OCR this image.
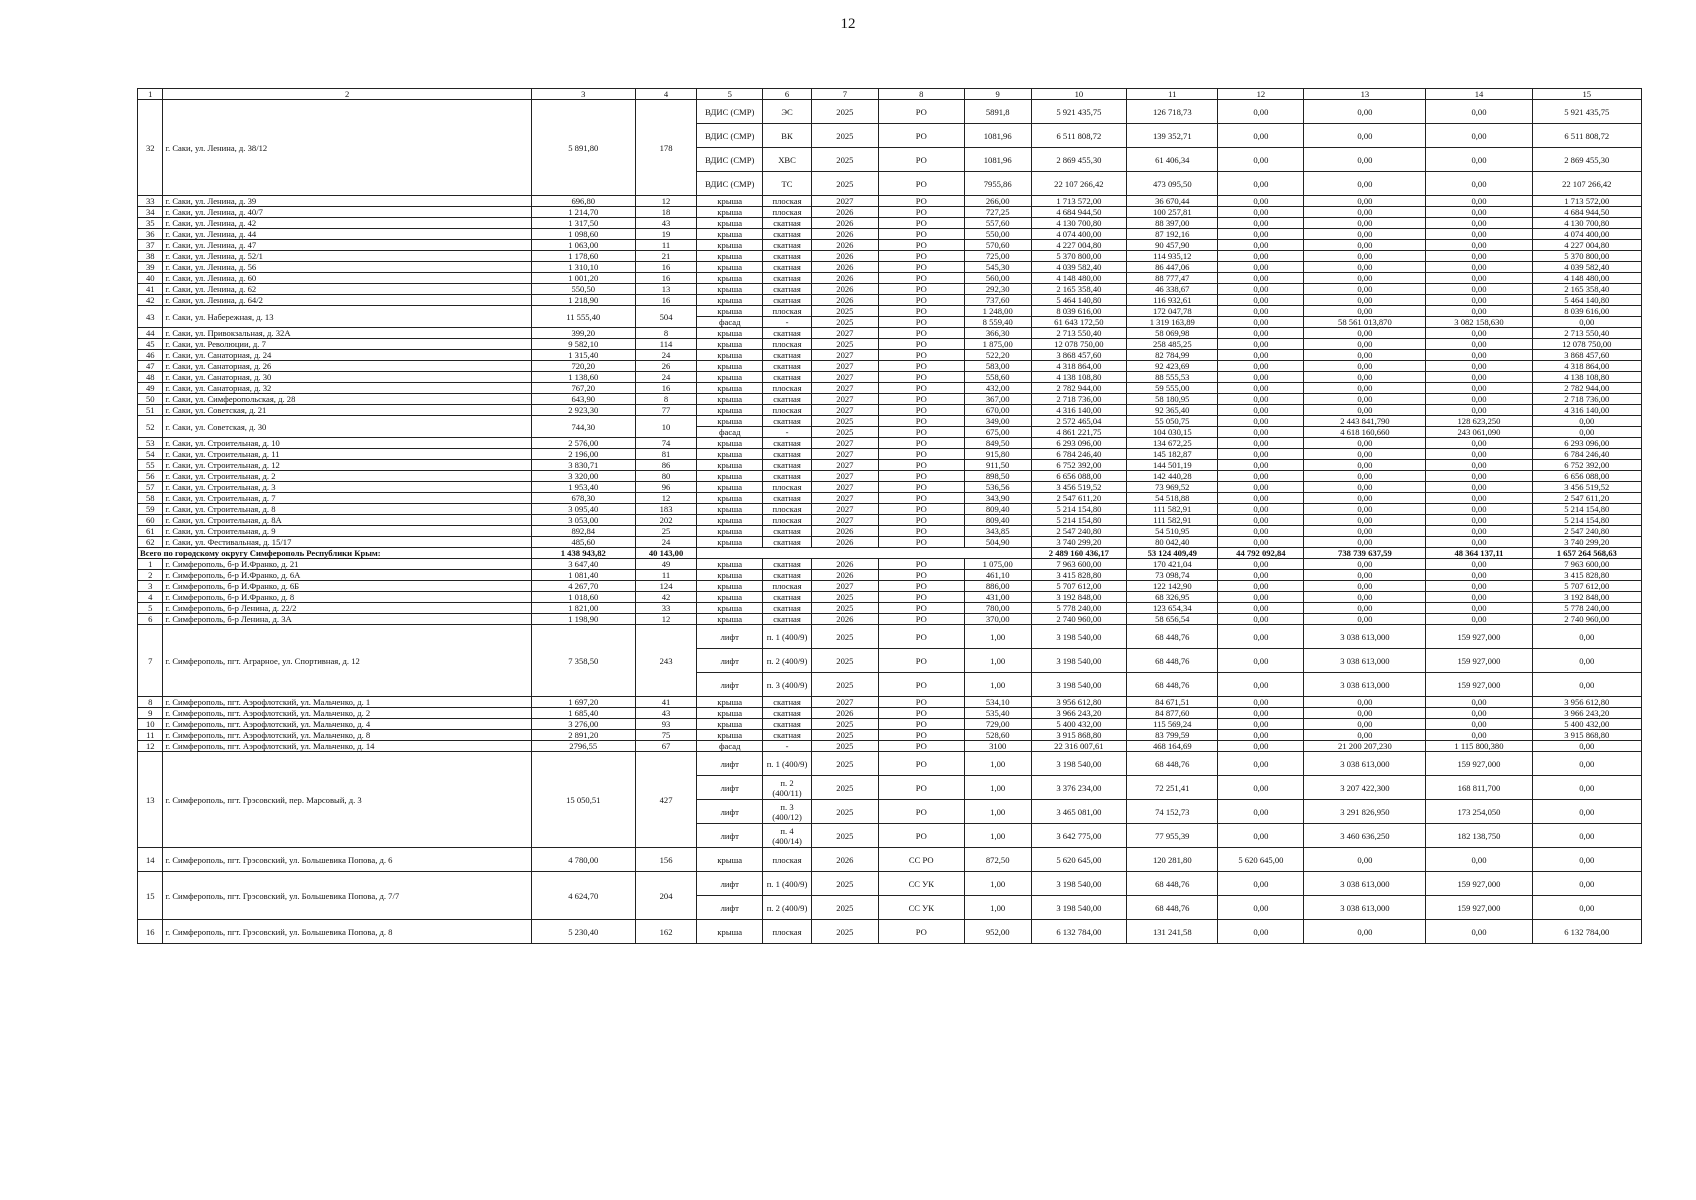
12
1	2	3	4	5	6	7	8	9	10	11	12	13	14	15
32	г. Саки, ул. Ленина, д. 38/12	5 891,80	178	ВДИС (СМР)	ЭС	2025	РО	5891,8	5 921 435,75	126 718,73	0,00	0,00	0,00	5 921 435,75
				ВДИС (СМР)	ВК	2025	РО	1081,96	6 511 808,72	139 352,71	0,00	0,00	0,00	6 511 808,72
				ВДИС (СМР)	ХВС	2025	РО	1081,96	2 869 455,30	61 406,34	0,00	0,00	0,00	2 869 455,30
				ВДИС (СМР)	ТС	2025	РО	7955,86	22 107 266,42	473 095,50	0,00	0,00	0,00	22 107 266,42
33	г. Саки, ул. Ленина, д. 39	696,80	12	крыша	плоская	2027	РО	266,00	1 713 572,00	36 670,44	0,00	0,00	0,00	1 713 572,00
34	г. Саки, ул. Ленина, д. 40/7	1 214,70	18	крыша	плоская	2026	РО	727,25	4 684 944,50	100 257,81	0,00	0,00	0,00	4 684 944,50
35	г. Саки, ул. Ленина, д. 42	1 317,50	43	крыша	скатная	2026	РО	557,60	4 130 700,80	88 397,00	0,00	0,00	0,00	4 130 700,80
36	г. Саки, ул. Ленина, д. 44	1 098,60	19	крыша	скатная	2026	РО	550,00	4 074 400,00	87 192,16	0,00	0,00	0,00	4 074 400,00
37	г. Саки, ул. Ленина, д. 47	1 063,00	11	крыша	скатная	2026	РО	570,60	4 227 004,80	90 457,90	0,00	0,00	0,00	4 227 004,80
38	г. Саки, ул. Ленина, д. 52/1	1 178,60	21	крыша	скатная	2026	РО	725,00	5 370 800,00	114 935,12	0,00	0,00	0,00	5 370 800,00
39	г. Саки, ул. Ленина, д. 56	1 310,10	16	крыша	скатная	2026	РО	545,30	4 039 582,40	86 447,06	0,00	0,00	0,00	4 039 582,40
40	г. Саки, ул. Ленина, д. 60	1 001,20	16	крыша	скатная	2026	РО	560,00	4 148 480,00	88 777,47	0,00	0,00	0,00	4 148 480,00
41	г. Саки, ул. Ленина, д. 62	550,50	13	крыша	скатная	2026	РО	292,30	2 165 358,40	46 338,67	0,00	0,00	0,00	2 165 358,40
42	г. Саки, ул. Ленина, д. 64/2	1 218,90	16	крыша	скатная	2026	РО	737,60	5 464 140,80	116 932,61	0,00	0,00	0,00	5 464 140,80
43	г. Саки, ул. Набережная, д. 13	11 555,40	504	крыша	плоская	2025	РО	1 248,00	8 039 616,00	172 047,78	0,00	0,00	0,00	8 039 616,00
				фасад	-	2025	РО	8 559,40	61 643 172,50	1 319 163,89	0,00	58 561 013,870	3 082 158,630	0,00
44	г. Саки, ул. Привокзальная, д. 32А	399,20	8	крыша	скатная	2027	РО	366,30	2 713 550,40	58 069,98	0,00	0,00	0,00	2 713 550,40
45	г. Саки, ул. Революции, д. 7	9 582,10	114	крыша	плоская	2025	РО	1 875,00	12 078 750,00	258 485,25	0,00	0,00	0,00	12 078 750,00
46	г. Саки, ул. Санаторная, д. 24	1 315,40	24	крыша	скатная	2027	РО	522,20	3 868 457,60	82 784,99	0,00	0,00	0,00	3 868 457,60
47	г. Саки, ул. Санаторная, д. 26	720,20	26	крыша	скатная	2027	РО	583,00	4 318 864,00	92 423,69	0,00	0,00	0,00	4 318 864,00
48	г. Саки, ул. Санаторная, д. 30	1 138,60	24	крыша	скатная	2027	РО	558,60	4 138 108,80	88 555,53	0,00	0,00	0,00	4 138 108,80
49	г. Саки, ул. Санаторная, д. 32	767,20	16	крыша	плоская	2027	РО	432,00	2 782 944,00	59 555,00	0,00	0,00	0,00	2 782 944,00
50	г. Саки, ул. Симферопольская, д. 28	643,90	8	крыша	скатная	2027	РО	367,00	2 718 736,00	58 180,95	0,00	0,00	0,00	2 718 736,00
51	г. Саки, ул. Советская, д. 21	2 923,30	77	крыша	плоская	2027	РО	670,00	4 316 140,00	92 365,40	0,00	0,00	0,00	4 316 140,00
52	г. Саки, ул. Советская, д. 30	744,30	10	крыша	скатная	2025	РО	349,00	2 572 465,04	55 050,75	0,00	2 443 841,790	128 623,250	0,00
				фасад	-	2025	РО	675,00	4 861 221,75	104 030,15	0,00	4 618 160,660	243 061,090	0,00
53	г. Саки, ул. Строительная, д. 10	2 576,00	74	крыша	скатная	2027	РО	849,50	6 293 096,00	134 672,25	0,00	0,00	0,00	6 293 096,00
54	г. Саки, ул. Строительная, д. 11	2 196,00	81	крыша	скатная	2027	РО	915,80	6 784 246,40	145 182,87	0,00	0,00	0,00	6 784 246,40
55	г. Саки, ул. Строительная, д. 12	3 830,71	86	крыша	скатная	2027	РО	911,50	6 752 392,00	144 501,19	0,00	0,00	0,00	6 752 392,00
56	г. Саки, ул. Строительная, д. 2	3 320,00	80	крыша	скатная	2027	РО	898,50	6 656 088,00	142 440,28	0,00	0,00	0,00	6 656 088,00
57	г. Саки, ул. Строительная, д. 3	1 953,40	96	крыша	плоская	2027	РО	536,56	3 456 519,52	73 969,52	0,00	0,00	0,00	3 456 519,52
58	г. Саки, ул. Строительная, д. 7	678,30	12	крыша	скатная	2027	РО	343,90	2 547 611,20	54 518,88	0,00	0,00	0,00	2 547 611,20
59	г. Саки, ул. Строительная, д. 8	3 095,40	183	крыша	плоская	2027	РО	809,40	5 214 154,80	111 582,91	0,00	0,00	0,00	5 214 154,80
60	г. Саки, ул. Строительная, д. 8А	3 053,00	202	крыша	плоская	2027	РО	809,40	5 214 154,80	111 582,91	0,00	0,00	0,00	5 214 154,80
61	г. Саки, ул. Строительная, д. 9	892,84	25	крыша	скатная	2026	РО	343,85	2 547 240,80	54 510,95	0,00	0,00	0,00	2 547 240,80
62	г. Саки, ул. Фестивальная, д. 15/17	485,60	24	крыша	скатная	2026	РО	504,90	3 740 299,20	80 042,40	0,00	0,00	0,00	3 740 299,20
Всего по городскому округу Симферополь Республики Крым:		1 438 943,82	40 143,00						2 489 160 436,17	53 124 409,49	44 792 092,84	738 739 637,59	48 364 137,11	1 657 264 568,63
1	г. Симферополь, б-р И.Франко, д. 21	3 647,40	49	крыша	скатная	2026	РО	1 075,00	7 963 600,00	170 421,04	0,00	0,00	0,00	7 963 600,00
2	г. Симферополь, б-р И.Франко, д. 6А	1 081,40	11	крыша	скатная	2026	РО	461,10	3 415 828,80	73 098,74	0,00	0,00	0,00	3 415 828,80
3	г. Симферополь, б-р И.Франко, д. 6Б	4 267,70	124	крыша	плоская	2027	РО	886,00	5 707 612,00	122 142,90	0,00	0,00	0,00	5 707 612,00
4	г. Симферополь, б-р И.Франко, д. 8	1 018,60	42	крыша	скатная	2025	РО	431,00	3 192 848,00	68 326,95	0,00	0,00	0,00	3 192 848,00
5	г. Симферополь, б-р Ленина, д. 22/2	1 821,00	33	крыша	скатная	2025	РО	780,00	5 778 240,00	123 654,34	0,00	0,00	0,00	5 778 240,00
6	г. Симферополь, б-р Ленина, д. 3А	1 198,90	12	крыша	скатная	2026	РО	370,00	2 740 960,00	58 656,54	0,00	0,00	0,00	2 740 960,00
7	г. Симферополь, пгт. Аграрное, ул. Спортивная, д. 12	7 358,50	243	лифт	п. 1 (400/9)	2025	РО	1,00	3 198 540,00	68 448,76	0,00	3 038 613,000	159 927,000	0,00
				лифт	п. 2 (400/9)	2025	РО	1,00	3 198 540,00	68 448,76	0,00	3 038 613,000	159 927,000	0,00
				лифт	п. 3 (400/9)	2025	РО	1,00	3 198 540,00	68 448,76	0,00	3 038 613,000	159 927,000	0,00
8	г. Симферополь, пгт. Аэрофлотский, ул. Мальченко, д. 1	1 697,20	41	крыша	скатная	2027	РО	534,10	3 956 612,80	84 671,51	0,00	0,00	0,00	3 956 612,80
9	г. Симферополь, пгт. Аэрофлотский, ул. Мальченко, д. 2	1 685,40	43	крыша	скатная	2026	РО	535,40	3 966 243,20	84 877,60	0,00	0,00	0,00	3 966 243,20
10	г. Симферополь, пгт. Аэрофлотский, ул. Мальченко, д. 4	3 276,00	93	крыша	скатная	2025	РО	729,00	5 400 432,00	115 569,24	0,00	0,00	0,00	5 400 432,00
11	г. Симферополь, пгт. Аэрофлотский, ул. Мальченко, д. 8	2 891,20	75	крыша	скатная	2025	РО	528,60	3 915 868,80	83 799,59	0,00	0,00	0,00	3 915 868,80
12	г. Симферополь, пгт. Аэрофлотский, ул. Мальченко, д. 14	2796,55	67	фасад	-	2025	РО	3100	22 316 007,61	468 164,69	0,00	21 200 207,230	1 115 800,380	0,00
13	г. Симферополь, пгт. Грэсовский, пер. Марсовый, д. 3	15 050,51	427	лифт	п. 1 (400/9)	2025	РО	1,00	3 198 540,00	68 448,76	0,00	3 038 613,000	159 927,000	0,00
				лифт	п. 2 (400/11)	2025	РО	1,00	3 376 234,00	72 251,41	0,00	3 207 422,300	168 811,700	0,00
				лифт	п. 3 (400/12)	2025	РО	1,00	3 465 081,00	74 152,73	0,00	3 291 826,950	173 254,050	0,00
				лифт	п. 4 (400/14)	2025	РО	1,00	3 642 775,00	77 955,39	0,00	3 460 636,250	182 138,750	0,00
14	г. Симферополь, пгт. Грэсовский, ул. Большевика Попова, д. 6	4 780,00	156	крыша	плоская	2026	СС РО	872,50	5 620 645,00	120 281,80	5 620 645,00	0,00	0,00	0,00
15	г. Симферополь, пгт. Грэсовский, ул. Большевика Попова, д. 7/7	4 624,70	204	лифт	п. 1 (400/9)	2025	СС УК	1,00	3 198 540,00	68 448,76	0,00	3 038 613,000	159 927,000	0,00
				лифт	п. 2 (400/9)	2025	СС УК	1,00	3 198 540,00	68 448,76	0,00	3 038 613,000	159 927,000	0,00
16	г. Симферополь, пгт. Грэсовский, ул. Большевика Попова, д. 8	5 230,40	162	крыша	плоская	2025	РО	952,00	6 132 784,00	131 241,58	0,00	0,00	0,00	6 132 784,00
